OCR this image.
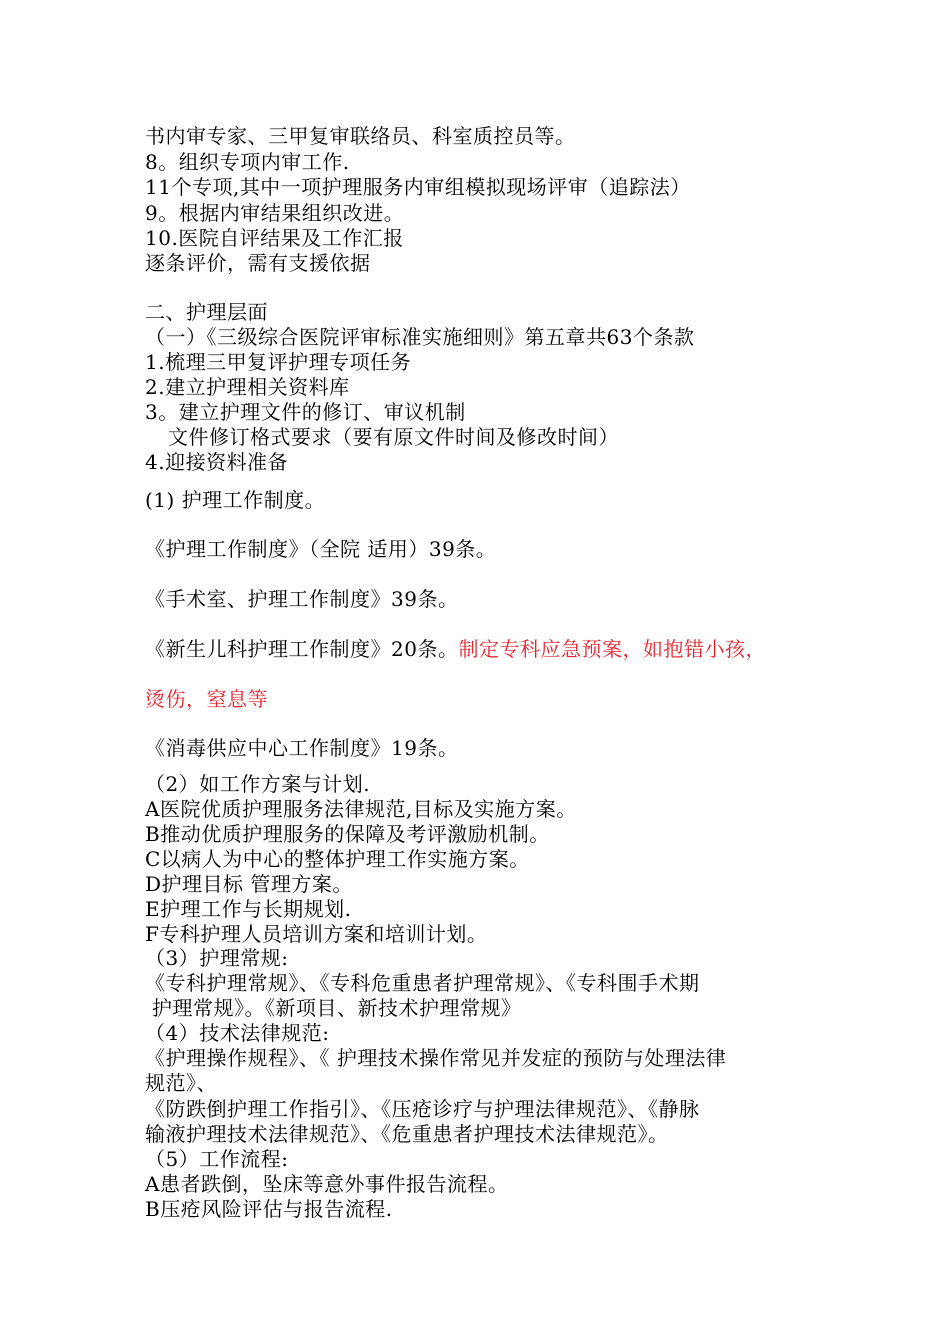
书内审专家、三甲复审联络员、科室质控员等。
8。组织专项内审工作.
11个专项,其中一项护理服务内审组模拟现场评审（追踪法）
9。根据内审结果组织改进。
10.医院自评结果及工作汇报
逐条评价，需有支援依据
二、护理层面
（一）《三级综合医院评审标准实施细则》第五章共63个条款
1.梳理三甲复评护理专项任务
2.建立护理相关资料库
3。建立护理文件的修订、审议机制
文件修订格式要求（要有原文件时间及修改时间）
4.迎接资料准备
(1) 护理工作制度。
《护理工作制度》（全院 适用）39条。
《手术室、护理工作制度》39条。
《新生儿科护理工作制度》20条。制定专科应急预案，如抱错小孩，
烫伤，窒息等
《消毒供应中心工作制度》19条。
（2）如工作方案与计划.
A医院优质护理服务法律规范,目标及实施方案。
B推动优质护理服务的保障及考评激励机制。
C以病人为中心的整体护理工作实施方案。
D护理目标 管理方案。
E护理工作与长期规划.
F专科护理人员培训方案和培训计划。
（3）护理常规:
《专科护理常规》、《专科危重患者护理常规》、《专科围手术期
护理常规》。《新项目、新技术护理常规》
（4）技术法律规范:
《护理操作规程》、《 护理技术操作常见并发症的预防与处理法律
规范》、
《防跌倒护理工作指引》、《压疮诊疗与护理法律规范》、《静脉
输液护理技术法律规范》、《危重患者护理技术法律规范》。
（5）工作流程:
A患者跌倒，坠床等意外事件报告流程。
B压疮风险评估与报告流程.
